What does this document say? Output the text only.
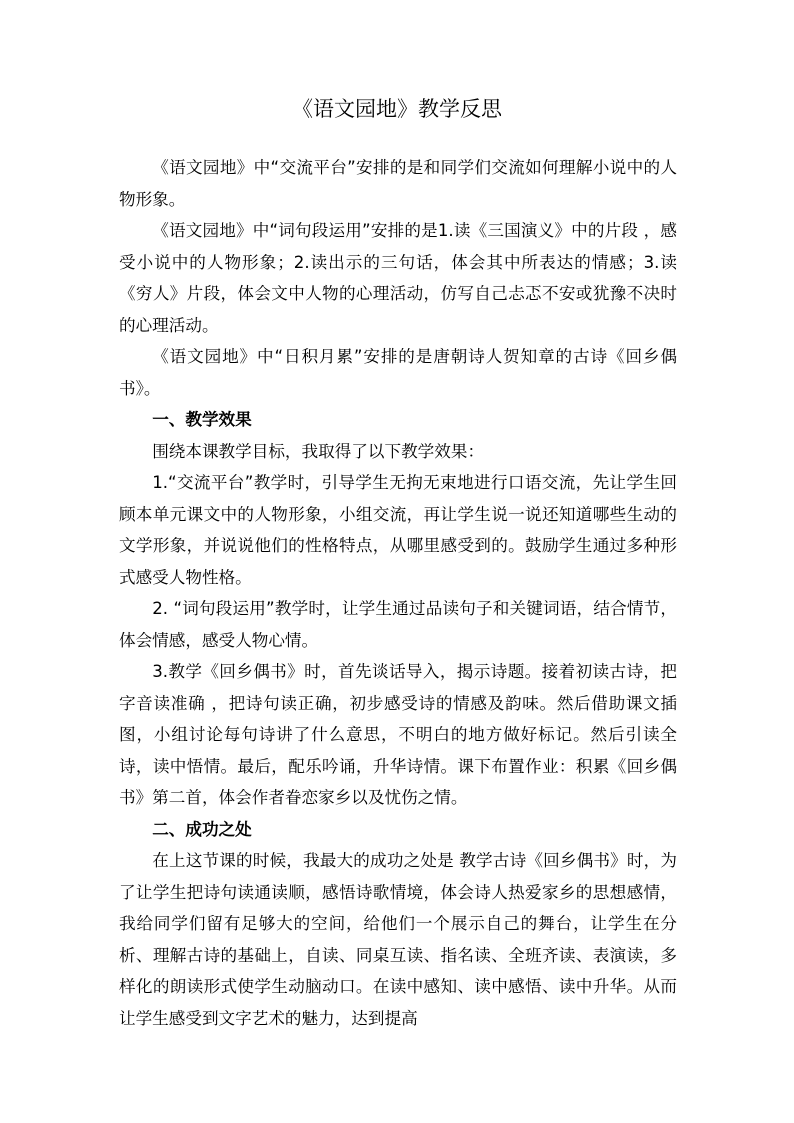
《语文园地》教学反思

《语文园地》中“交流平台”安排的是和同学们交流如何理解小说中的人物形象。

《语文园地》中“词句段运用”安排的是1.读《三国演义》中的片段 ，感受小说中的人物形象；2.读出示的三句话，体会其中所表达的情感；3.读《穷人》片段，体会文中人物的心理活动，仿写自己忐忑不安或犹豫不决时的心理活动。

《语文园地》中“日积月累”安排的是唐朝诗人贺知章的古诗《回乡偶书》。

一、教学效果

围绕本课教学目标，我取得了以下教学效果：

1.“交流平台”教学时，引导学生无拘无束地进行口语交流，先让学生回顾本单元课文中的人物形象，小组交流，再让学生说一说还知道哪些生动的文学形象，并说说他们的性格特点，从哪里感受到的。鼓励学生通过多种形式感受人物性格。

2. “词句段运用”教学时，让学生通过品读句子和关键词语，结合情节，体会情感，感受人物心情。

3.教学《回乡偶书》时，首先谈话导入，揭示诗题。接着初读古诗，把字音读准确 ，把诗句读正确，初步感受诗的情感及韵味。然后借助课文插图，小组讨论每句诗讲了什么意思，不明白的地方做好标记。然后引读全诗，读中悟情。最后，配乐吟诵，升华诗情。课下布置作业：积累《回乡偶书》第二首，体会作者眷恋家乡以及忧伤之情。

二、成功之处

在上这节课的时候，我最大的成功之处是 教学古诗《回乡偶书》时，为了让学生把诗句读通读顺，感悟诗歌情境，体会诗人热爱家乡的思想感情，我给同学们留有足够大的空间，给他们一个展示自己的舞台，让学生在分析、理解古诗的基础上，自读、同桌互读、指名读、全班齐读、表演读，多样化的朗读形式使学生动脑动口。在读中感知、读中感悟、读中升华。从而让学生感受到文字艺术的魅力，达到提高
